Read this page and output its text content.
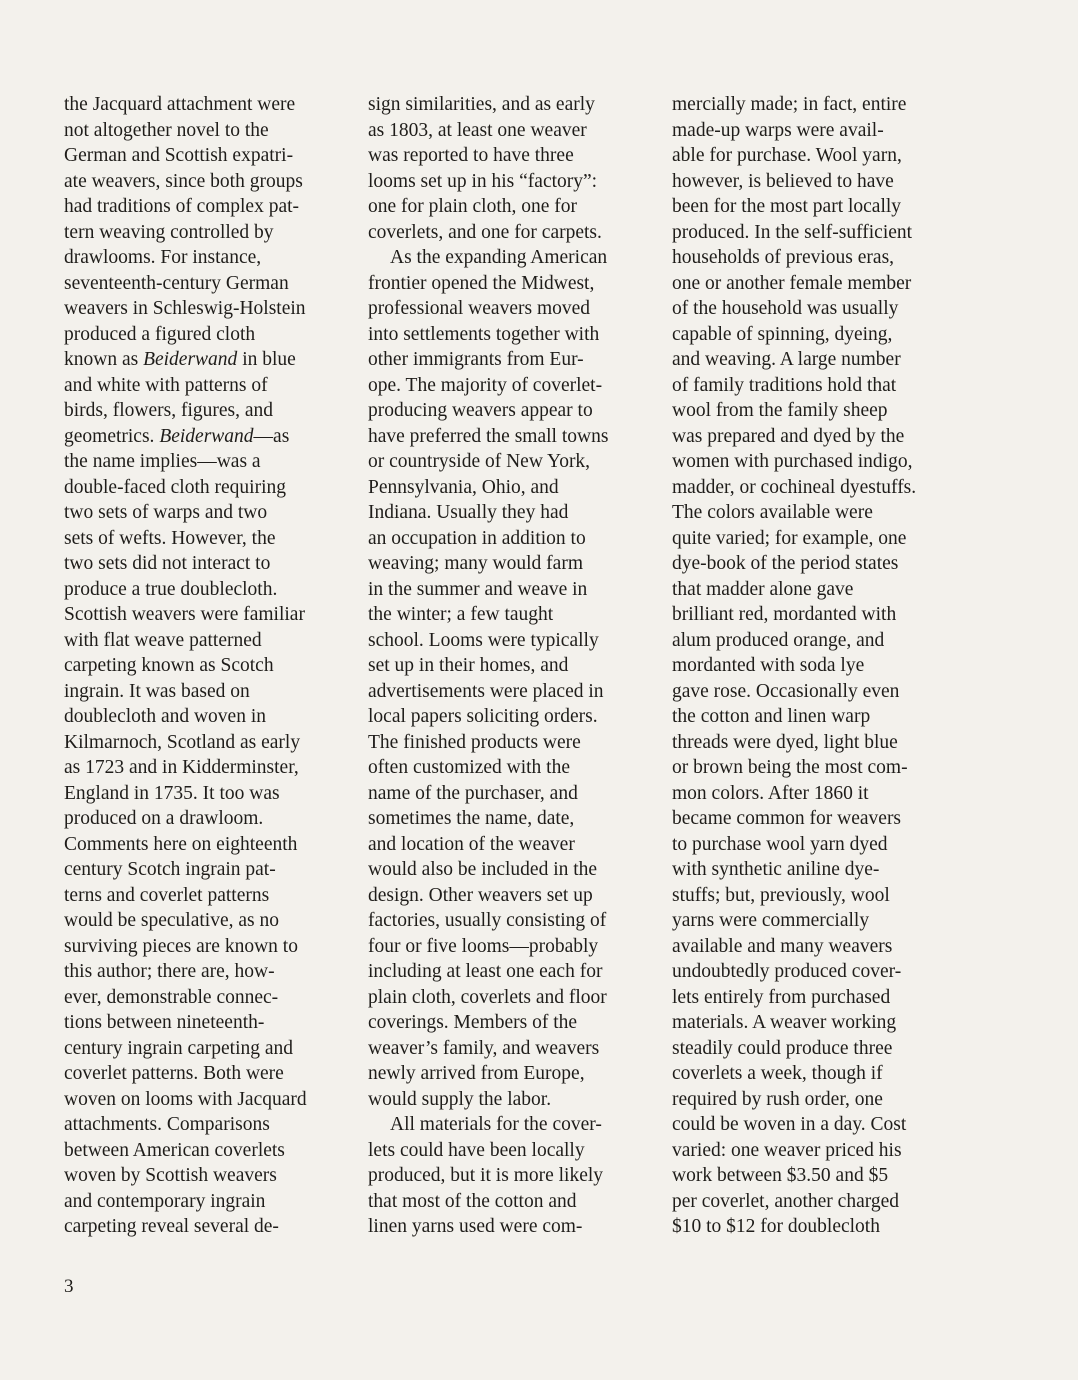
the Jacquard attachment were
not altogether novel to the
German and Scottish expatri-
ate weavers, since both groups
had traditions of complex pat-
tern weaving controlled by
drawlooms. For instance,
seventeenth-century German
weavers in Schleswig-Holstein
produced a figured cloth
known as Beiderwand in blue
and white with patterns of
birds, flowers, figures, and
geometrics. Beiderwand—as
the name implies—was a
double-faced cloth requiring
two sets of warps and two
sets of wefts. However, the
two sets did not interact to
produce a true doublecloth.
Scottish weavers were familiar
with flat weave patterned
carpeting known as Scotch
ingrain. It was based on
doublecloth and woven in
Kilmarnoch, Scotland as early
as 1723 and in Kidderminster,
England in 1735. It too was
produced on a drawloom.
Comments here on eighteenth
century Scotch ingrain pat-
terns and coverlet patterns
would be speculative, as no
surviving pieces are known to
this author; there are, how-
ever, demonstrable connec-
tions between nineteenth-
century ingrain carpeting and
coverlet patterns. Both were
woven on looms with Jacquard
attachments. Comparisons
between American coverlets
woven by Scottish weavers
and contemporary ingrain
carpeting reveal several de-
sign similarities, and as early
as 1803, at least one weaver
was reported to have three
looms set up in his “factory”:
one for plain cloth, one for
coverlets, and one for carpets.
As the expanding American
frontier opened the Midwest,
professional weavers moved
into settlements together with
other immigrants from Eur-
ope. The majority of coverlet-
producing weavers appear to
have preferred the small towns
or countryside of New York,
Pennsylvania, Ohio, and
Indiana. Usually they had
an occupation in addition to
weaving; many would farm
in the summer and weave in
the winter; a few taught
school. Looms were typically
set up in their homes, and
advertisements were placed in
local papers soliciting orders.
The finished products were
often customized with the
name of the purchaser, and
sometimes the name, date,
and location of the weaver
would also be included in the
design. Other weavers set up
factories, usually consisting of
four or five looms—probably
including at least one each for
plain cloth, coverlets and floor
coverings. Members of the
weaver’s family, and weavers
newly arrived from Europe,
would supply the labor.
All materials for the cover-
lets could have been locally
produced, but it is more likely
that most of the cotton and
linen yarns used were com-
mercially made; in fact, entire
made-up warps were avail-
able for purchase. Wool yarn,
however, is believed to have
been for the most part locally
produced. In the self-sufficient
households of previous eras,
one or another female member
of the household was usually
capable of spinning, dyeing,
and weaving. A large number
of family traditions hold that
wool from the family sheep
was prepared and dyed by the
women with purchased indigo,
madder, or cochineal dyestuffs.
The colors available were
quite varied; for example, one
dye-book of the period states
that madder alone gave
brilliant red, mordanted with
alum produced orange, and
mordanted with soda lye
gave rose. Occasionally even
the cotton and linen warp
threads were dyed, light blue
or brown being the most com-
mon colors. After 1860 it
became common for weavers
to purchase wool yarn dyed
with synthetic aniline dye-
stuffs; but, previously, wool
yarns were commercially
available and many weavers
undoubtedly produced cover-
lets entirely from purchased
materials. A weaver working
steadily could produce three
coverlets a week, though if
required by rush order, one
could be woven in a day. Cost
varied: one weaver priced his
work between $3.50 and $5
per coverlet, another charged
$10 to $12 for doublecloth
3
